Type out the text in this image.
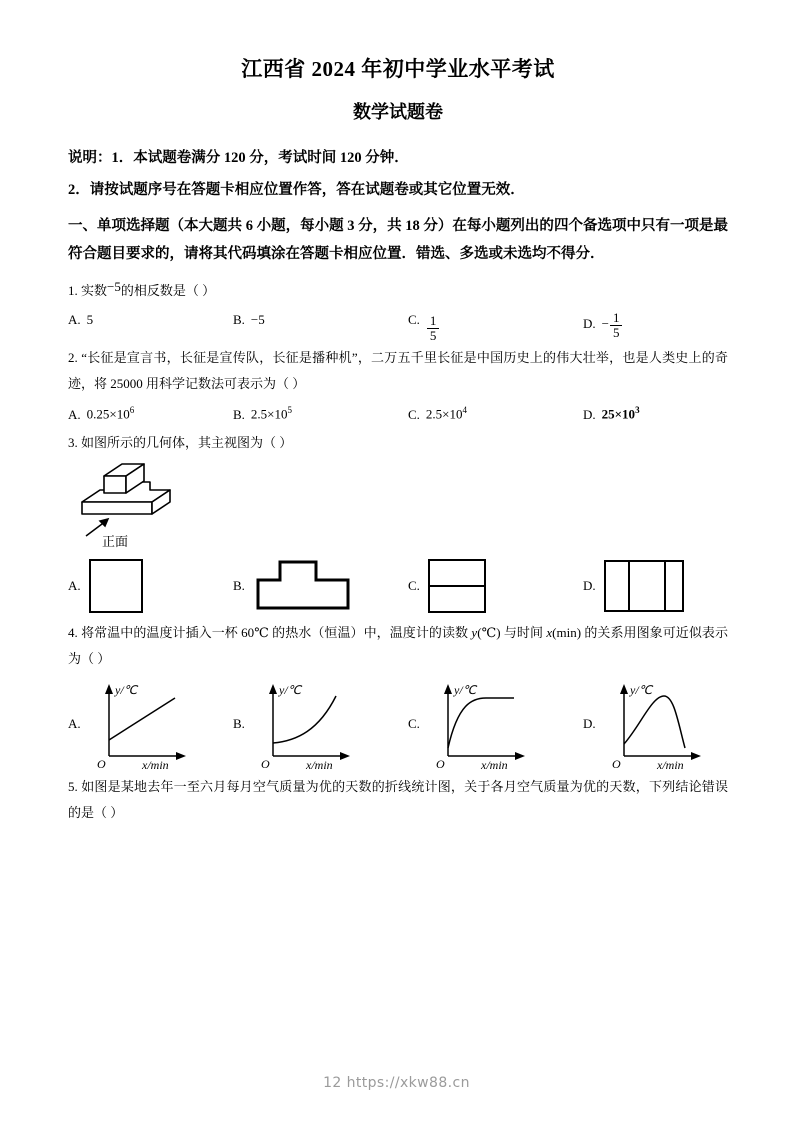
江西省 2024 年初中学业水平考试
数学试题卷
说明：1．本试题卷满分 120 分，考试时间 120 分钟．
2．请按试题序号在答题卡相应位置作答，答在试题卷或其它位置无效．
一、单项选择题（本大题共 6 小题，每小题 3 分，共 18 分）在每小题列出的四个备选项中只有一项是最符合题目要求的，请将其代码填涂在答题卡相应位置．错选、多选或未选均不得分．

1. 实数−5的相反数是（ ）

A. 5	B. −5	C. $\frac{1}{5}$	D. − $\frac{1}{5}$

2. “长征是宣言书，长征是宣传队，长征是播种机”，二万五千里长征是中国历史上的伟大壮举，也是人类史上的奇迹，将 25000 用科学记数法可表示为（ ）

A. $0.25\times 10^6$	B. $2.5\times 10^5$	C. $2.5\times 10^4$	D. $25\times 10^3$

3. 如图所示的几何体，其主视图为（ ）

正面
A.	B.	C.	D.

4. 将常温中的温度计插入一杯 60℃ 的热水（恒温）中，温度计的读数 y(℃) 与时间 x(min) 的关系用图象可近似表示为（ ）

A.
y/℃
O	x/min
B.
y/℃
O	x/min
C.
y/℃
O	x/min
D.
y/℃
O	x/min

5. 如图是某地去年一至六月每月空气质量为优的天数的折线统计图，关于各月空气质量为优的天数，下列结论错误的是（ ）

12 https://xkw88.cn
